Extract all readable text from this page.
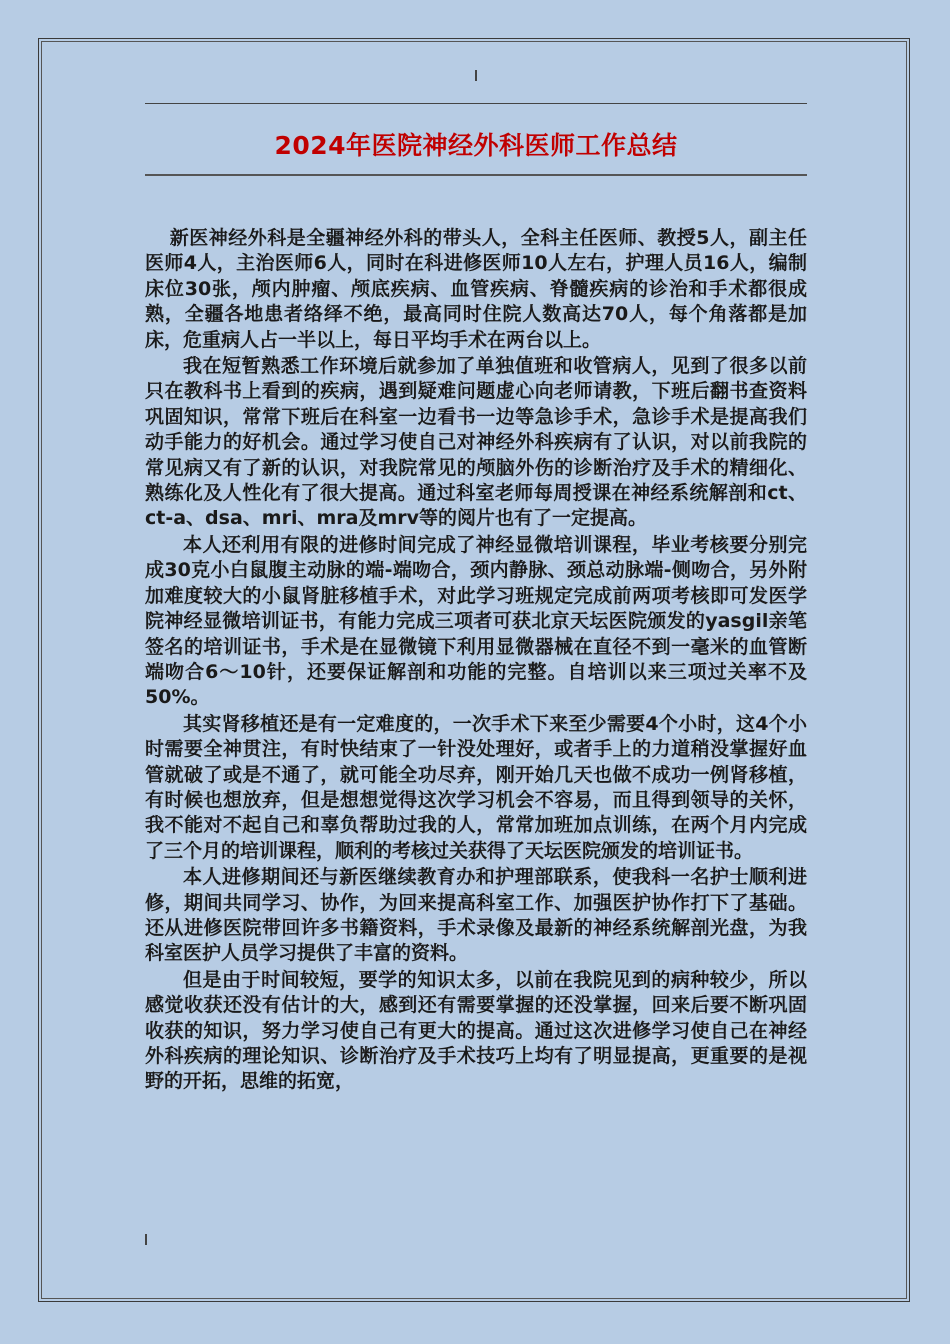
2024年医院神经外科医师工作总结

新医神经外科是全疆神经外科的带头人，全科主任医师、教授5人，副主任医师4人，主治医师6人，同时在科进修医师10人左右，护理人员16人，编制床位30张，颅内肿瘤、颅底疾病、血管疾病、脊髓疾病的诊治和手术都很成熟，全疆各地患者络绎不绝，最高同时住院人数高达70人，每个角落都是加床，危重病人占一半以上，每日平均手术在两台以上。

我在短暂熟悉工作环境后就参加了单独值班和收管病人，见到了很多以前只在教科书上看到的疾病，遇到疑难问题虚心向老师请教，下班后翻书查资料巩固知识，常常下班后在科室一边看书一边等急诊手术，急诊手术是提高我们动手能力的好机会。通过学习使自己对神经外科疾病有了认识，对以前我院的常见病又有了新的认识，对我院常见的颅脑外伤的诊断治疗及手术的精细化、熟练化及人性化有了很大提高。通过科室老师每周授课在神经系统解剖和ct、ct-a、dsa、mri、mra及mrv等的阅片也有了一定提高。

本人还利用有限的进修时间完成了神经显微培训课程，毕业考核要分别完成30克小白鼠腹主动脉的端-端吻合，颈内静脉、颈总动脉端-侧吻合，另外附加难度较大的小鼠肾脏移植手术，对此学习班规定完成前两项考核即可发医学院神经显微培训证书，有能力完成三项者可获北京天坛医院颁发的yasgil亲笔签名的培训证书，手术是在显微镜下利用显微器械在直径不到一毫米的血管断端吻合6～10针，还要保证解剖和功能的完整。自培训以来三项过关率不及50%。

其实肾移植还是有一定难度的，一次手术下来至少需要4个小时，这4个小时需要全神贯注，有时快结束了一针没处理好，或者手上的力道稍没掌握好血管就破了或是不通了，就可能全功尽弃，刚开始几天也做不成功一例肾移植，有时候也想放弃，但是想想觉得这次学习机会不容易，而且得到领导的关怀，我不能对不起自己和辜负帮助过我的人，常常加班加点训练，在两个月内完成了三个月的培训课程，顺利的考核过关获得了天坛医院颁发的培训证书。

本人进修期间还与新医继续教育办和护理部联系，使我科一名护士顺利进修，期间共同学习、协作，为回来提高科室工作、加强医护协作打下了基础。还从进修医院带回许多书籍资料，手术录像及最新的神经系统解剖光盘，为我科室医护人员学习提供了丰富的资料。

但是由于时间较短，要学的知识太多，以前在我院见到的病种较少，所以感觉收获还没有估计的大，感到还有需要掌握的还没掌握，回来后要不断巩固收获的知识，努力学习使自己有更大的提高。通过这次进修学习使自己在神经外科疾病的理论知识、诊断治疗及手术技巧上均有了明显提高，更重要的是视野的开拓，思维的拓宽，
